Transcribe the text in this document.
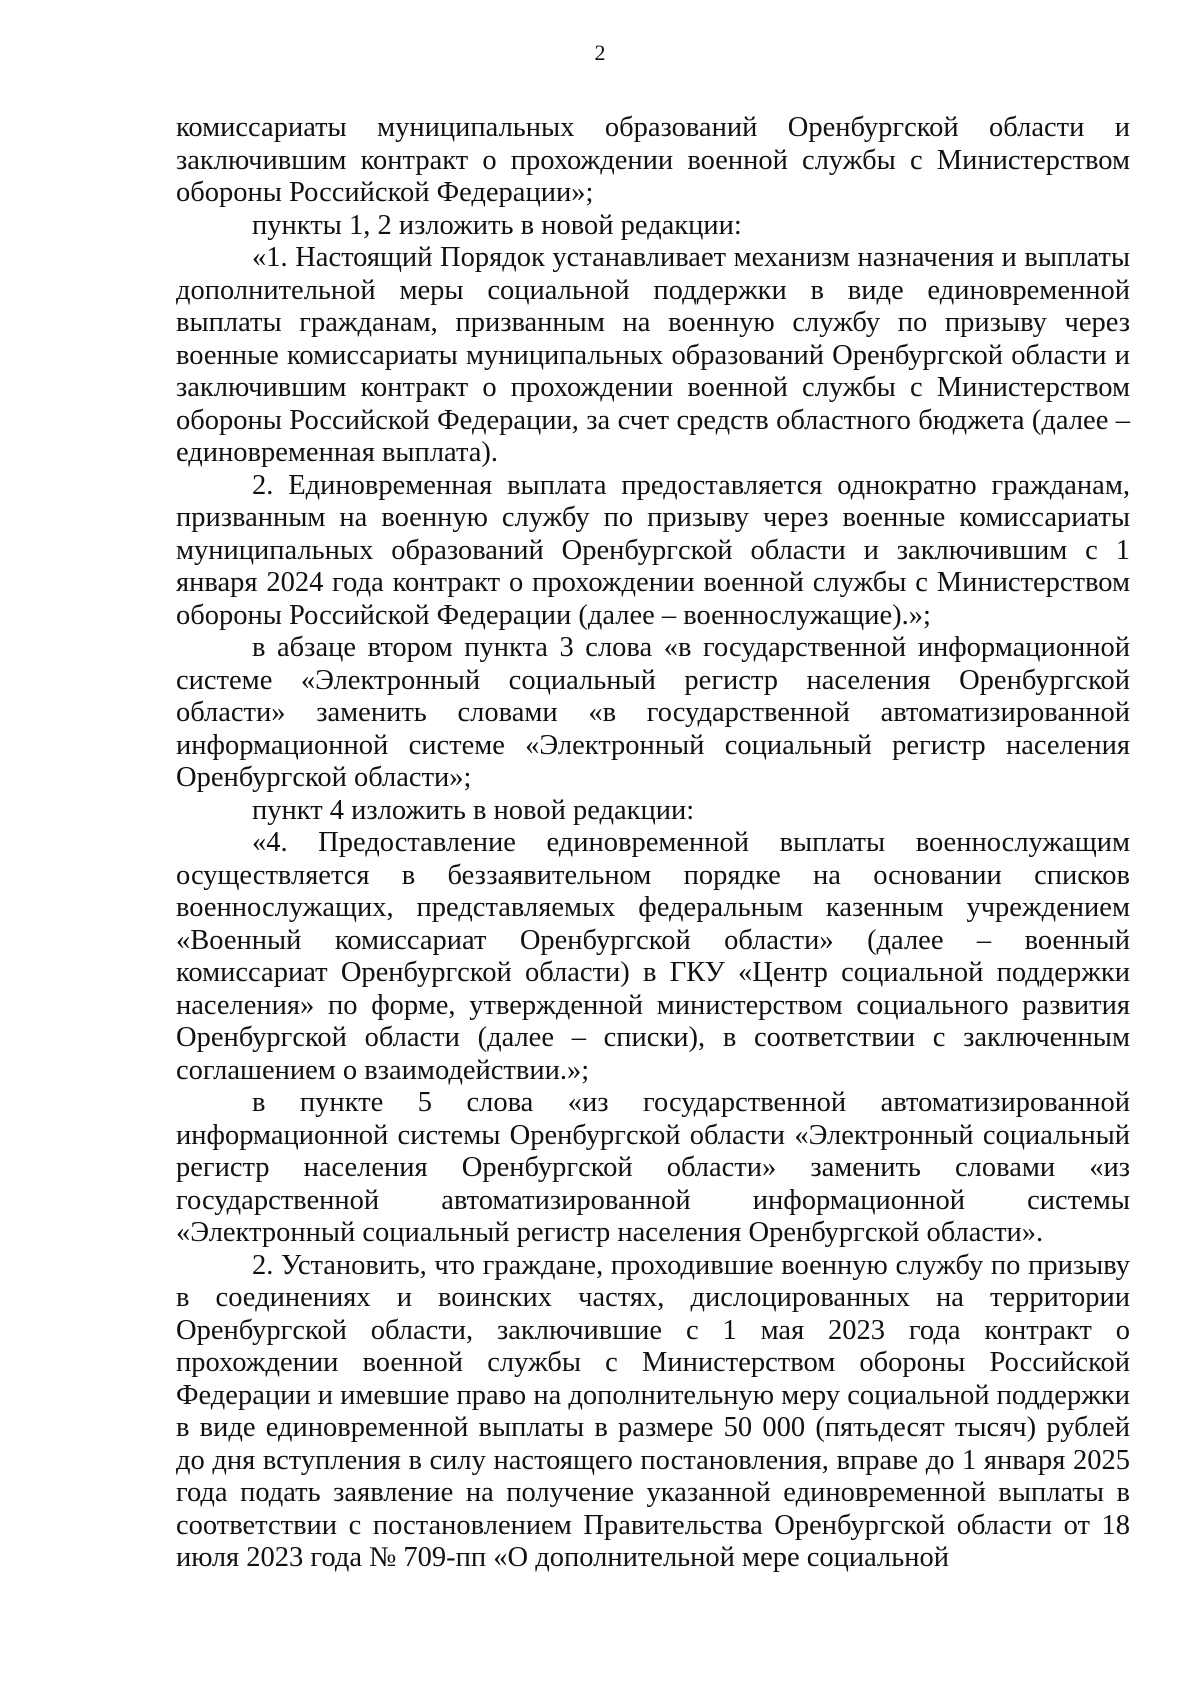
2

комиссариаты муниципальных образований Оренбургской области и заключившим контракт о прохождении военной службы с Министерством обороны Российской Федерации»;

пункты 1, 2 изложить в новой редакции:

«1. Настоящий Порядок устанавливает механизм назначения и выплаты дополнительной меры социальной поддержки в виде единовременной выплаты гражданам, призванным на военную службу по призыву через военные комиссариаты муниципальных образований Оренбургской области и заключившим контракт о прохождении военной службы с Министерством обороны Российской Федерации, за счет средств областного бюджета (далее – единовременная выплата).

2. Единовременная выплата предоставляется однократно гражданам, призванным на военную службу по призыву через военные комиссариаты муниципальных образований Оренбургской области и заключившим с 1 января 2024 года контракт о прохождении военной службы с Министерством обороны Российской Федерации (далее – военнослужащие).»;

в абзаце втором пункта 3 слова «в государственной информационной системе «Электронный социальный регистр населения Оренбургской области» заменить словами «в государственной автоматизированной информационной системе «Электронный социальный регистр населения Оренбургской области»;

пункт 4 изложить в новой редакции:

«4. Предоставление единовременной выплаты военнослужащим осуществляется в беззаявительном порядке на основании списков военнослужащих, представляемых федеральным казенным учреждением «Военный комиссариат Оренбургской области» (далее – военный комиссариат Оренбургской области) в ГКУ «Центр социальной поддержки населения» по форме, утвержденной министерством социального развития Оренбургской области (далее – списки), в соответствии с заключенным соглашением о взаимодействии.»;

в пункте 5 слова «из государственной автоматизированной информационной системы Оренбургской области «Электронный социальный регистр населения Оренбургской области» заменить словами «из государственной автоматизированной информационной системы «Электронный социальный регистр населения Оренбургской области».

2. Установить, что граждане, проходившие военную службу по призыву в соединениях и воинских частях, дислоцированных на территории Оренбургской области, заключившие с 1 мая 2023 года контракт о прохождении военной службы с Министерством обороны Российской Федерации и имевшие право на дополнительную меру социальной поддержки в виде единовременной выплаты в размере 50 000 (пятьдесят тысяч) рублей до дня вступления в силу настоящего постановления, вправе до 1 января 2025 года подать заявление на получение указанной единовременной выплаты в соответствии с постановлением Правительства Оренбургской области от 18 июля 2023 года № 709-пп «О дополнительной мере социальной
